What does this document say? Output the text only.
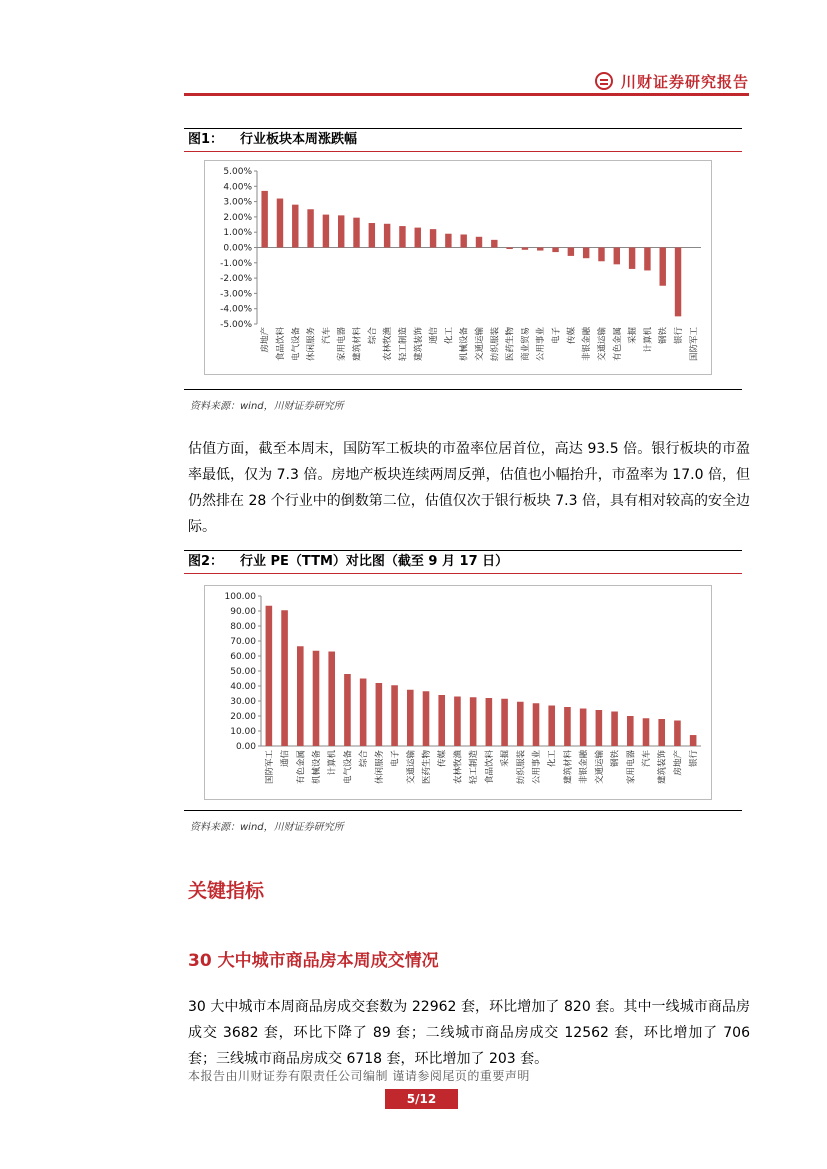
川财证券研究报告
图1： 行业板块本周涨跌幅
5.00%
4.00%
3.00%
2.00%
1.00%
0.00%
-1.00%
-2.00%
-3.00%
-4.00%
-5.00%
房地产 食品饮料 电气设备 休闲服务 汽车 家用电器 建筑材料 综合 农林牧渔 轻工制造 建筑装饰 通信 化工 机械设备 交通运输 纺织服装 医药生物 商业贸易 公用事业 电子 传媒 非银金融 交通运输 有色金属 采掘 计算机 钢铁 银行 国防军工
资料来源：wind，川财证券研究所
估值方面，截至本周末，国防军工板块的市盈率位居首位，高达 93.5 倍。银行板块的市盈率最低，仅为 7.3 倍。房地产板块连续两周反弹，估值也小幅抬升，市盈率为 17.0 倍，但仍然排在 28 个行业中的倒数第二位，估值仅次于银行板块 7.3 倍，具有相对较高的安全边际。
图2： 行业 PE（TTM）对比图（截至 9 月 17 日）
100.00
90.00
80.00
70.00
60.00
50.00
40.00
30.00
20.00
10.00
0.00
国防军工 通信 有色金属 机械设备 计算机 电气设备 综合 休闲服务 电子 交通运输 医药生物 传媒 农林牧渔 轻工制造 食品饮料 采掘 纺织服装 公用事业 化工 建筑材料 非银金融 交通运输 钢铁 家用电器 汽车 建筑装饰 房地产 银行
资料来源：wind，川财证券研究所
关键指标
30 大中城市商品房本周成交情况
30 大中城市本周商品房成交套数为 22962 套，环比增加了 820 套。其中一线城市商品房成交 3682 套，环比下降了 89 套；二线城市商品房成交 12562 套，环比增加了 706 套；三线城市商品房成交 6718 套，环比增加了 203 套。
本报告由川财证券有限责任公司编制 谨请参阅尾页的重要声明
5/12
